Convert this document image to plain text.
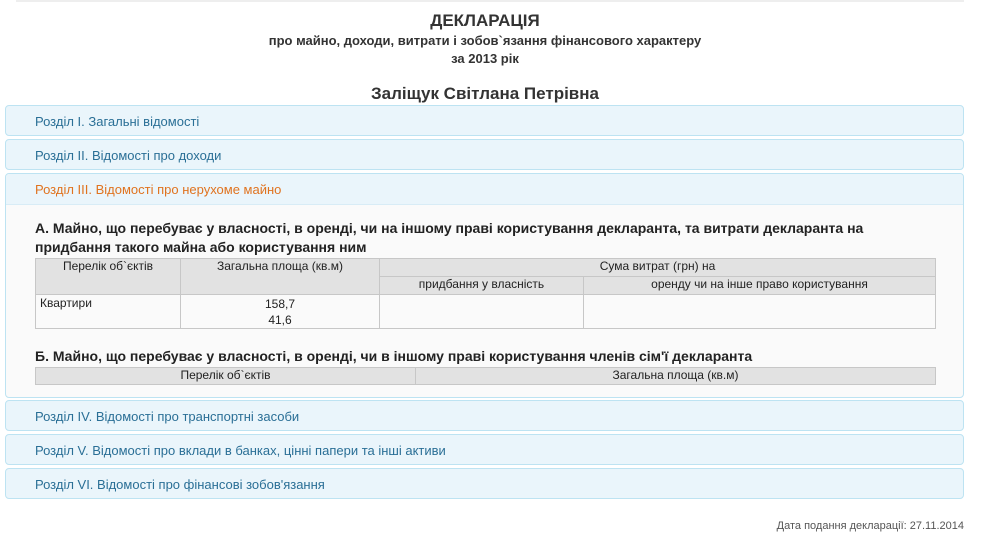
ДЕКЛАРАЦІЯ
про майно, доходи, витрати і зобов`язання фінансового характеру
за 2013 рік
Заліщук Світлана Петрівна
Розділ I. Загальні відомості
Розділ II. Відомості про доходи
Розділ III. Відомості про нерухоме майно
А. Майно, що перебуває у власності, в оренді, чи на іншому праві користування декларанта, та витрати декларанта на придбання такого майна або користування ним
Перелік об`єктів	Загальна площа (кв.м)	Сума витрат (грн) на	
		придбання у власність	оренду чи на інше право користування
Квартири	158,7
41,6		

Б. Майно, що перебуває у власності, в оренді, чи в іншому праві користування членів сім'ї декларанта
Перелік об`єктів	Загальна площа (кв.м)
Розділ IV. Відомості про транспортні засоби
Розділ V. Відомості про вклади в банках, цінні папери та інші активи
Розділ VI. Відомості про фінансові зобов'язання
Дата подання декларації: 27.11.2014
